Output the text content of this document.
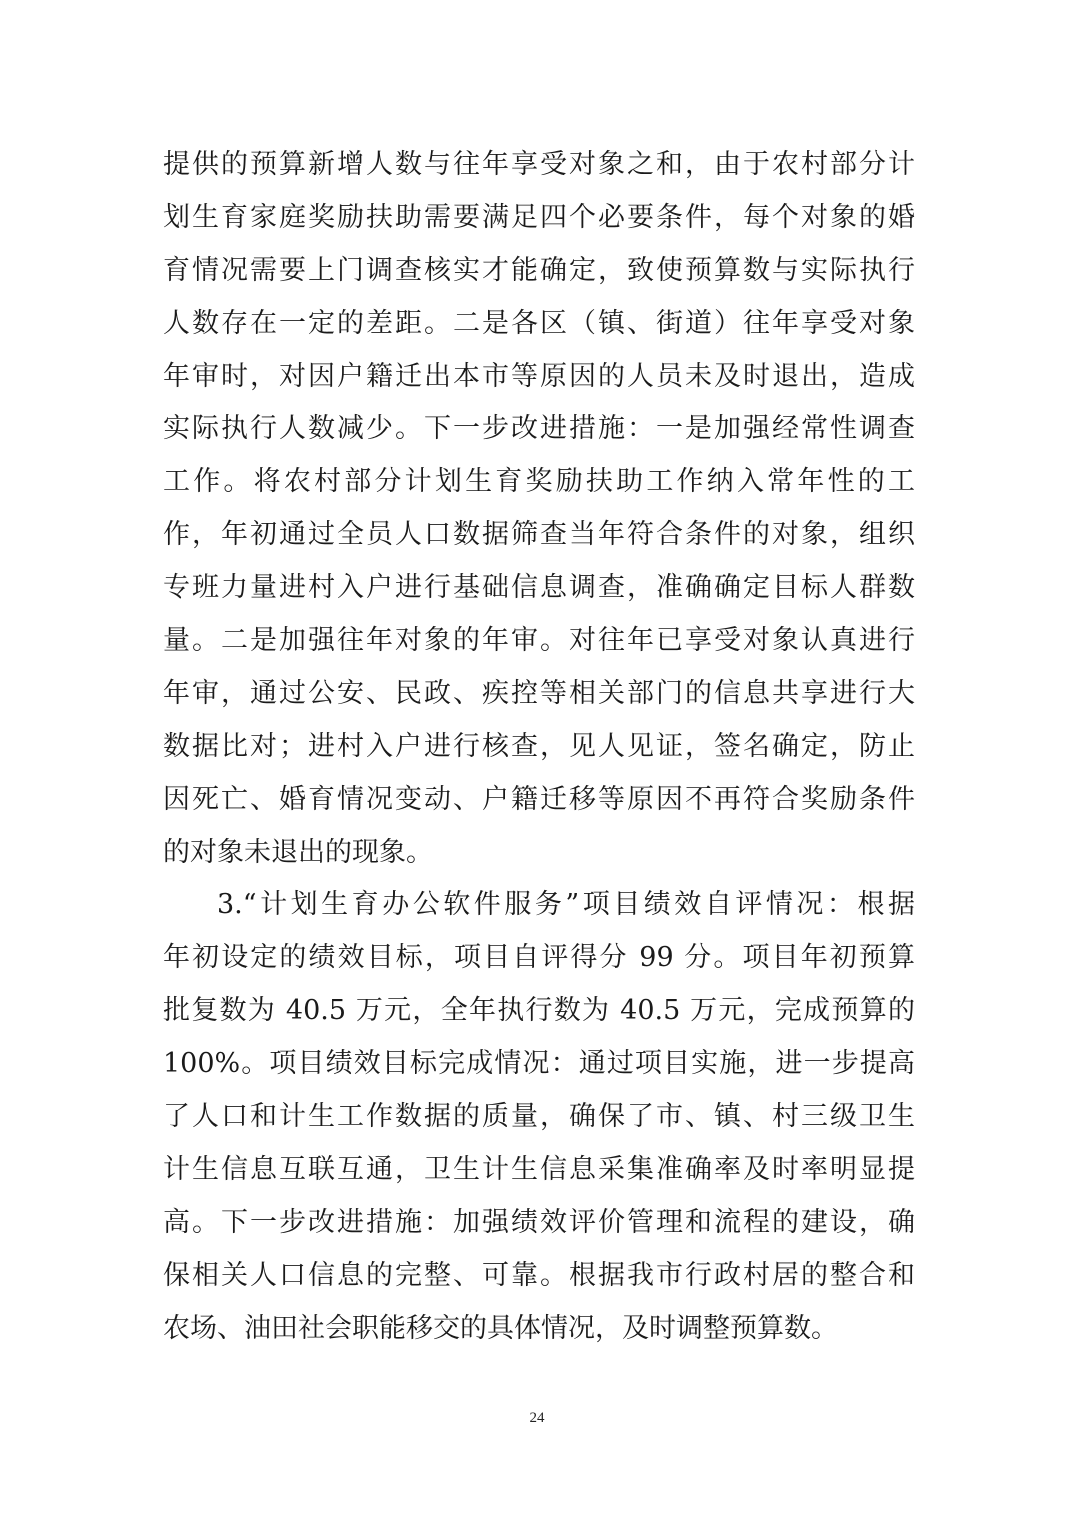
提供的预算新增人数与往年享受对象之和，由于农村部分计
划生育家庭奖励扶助需要满足四个必要条件，每个对象的婚
育情况需要上门调查核实才能确定，致使预算数与实际执行
人数存在一定的差距。二是各区（镇、街道）往年享受对象
年审时，对因户籍迁出本市等原因的人员未及时退出，造成
实际执行人数减少。下一步改进措施：一是加强经常性调查
工作。将农村部分计划生育奖励扶助工作纳入常年性的工
作，年初通过全员人口数据筛查当年符合条件的对象，组织
专班力量进村入户进行基础信息调查，准确确定目标人群数
量。二是加强往年对象的年审。对往年已享受对象认真进行
年审，通过公安、民政、疾控等相关部门的信息共享进行大
数据比对；进村入户进行核查，见人见证，签名确定，防止
因死亡、婚育情况变动、户籍迁移等原因不再符合奖励条件
的对象未退出的现象。
3.“计划生育办公软件服务”项目绩效自评情况：根据
年初设定的绩效目标，项目自评得分 99 分。项目年初预算
批复数为 40.5 万元，全年执行数为 40.5 万元，完成预算的
100%。项目绩效目标完成情况：通过项目实施，进一步提高
了人口和计生工作数据的质量，确保了市、镇、村三级卫生
计生信息互联互通，卫生计生信息采集准确率及时率明显提
高。下一步改进措施：加强绩效评价管理和流程的建设，确
保相关人口信息的完整、可靠。根据我市行政村居的整合和
农场、油田社会职能移交的具体情况，及时调整预算数。
24
